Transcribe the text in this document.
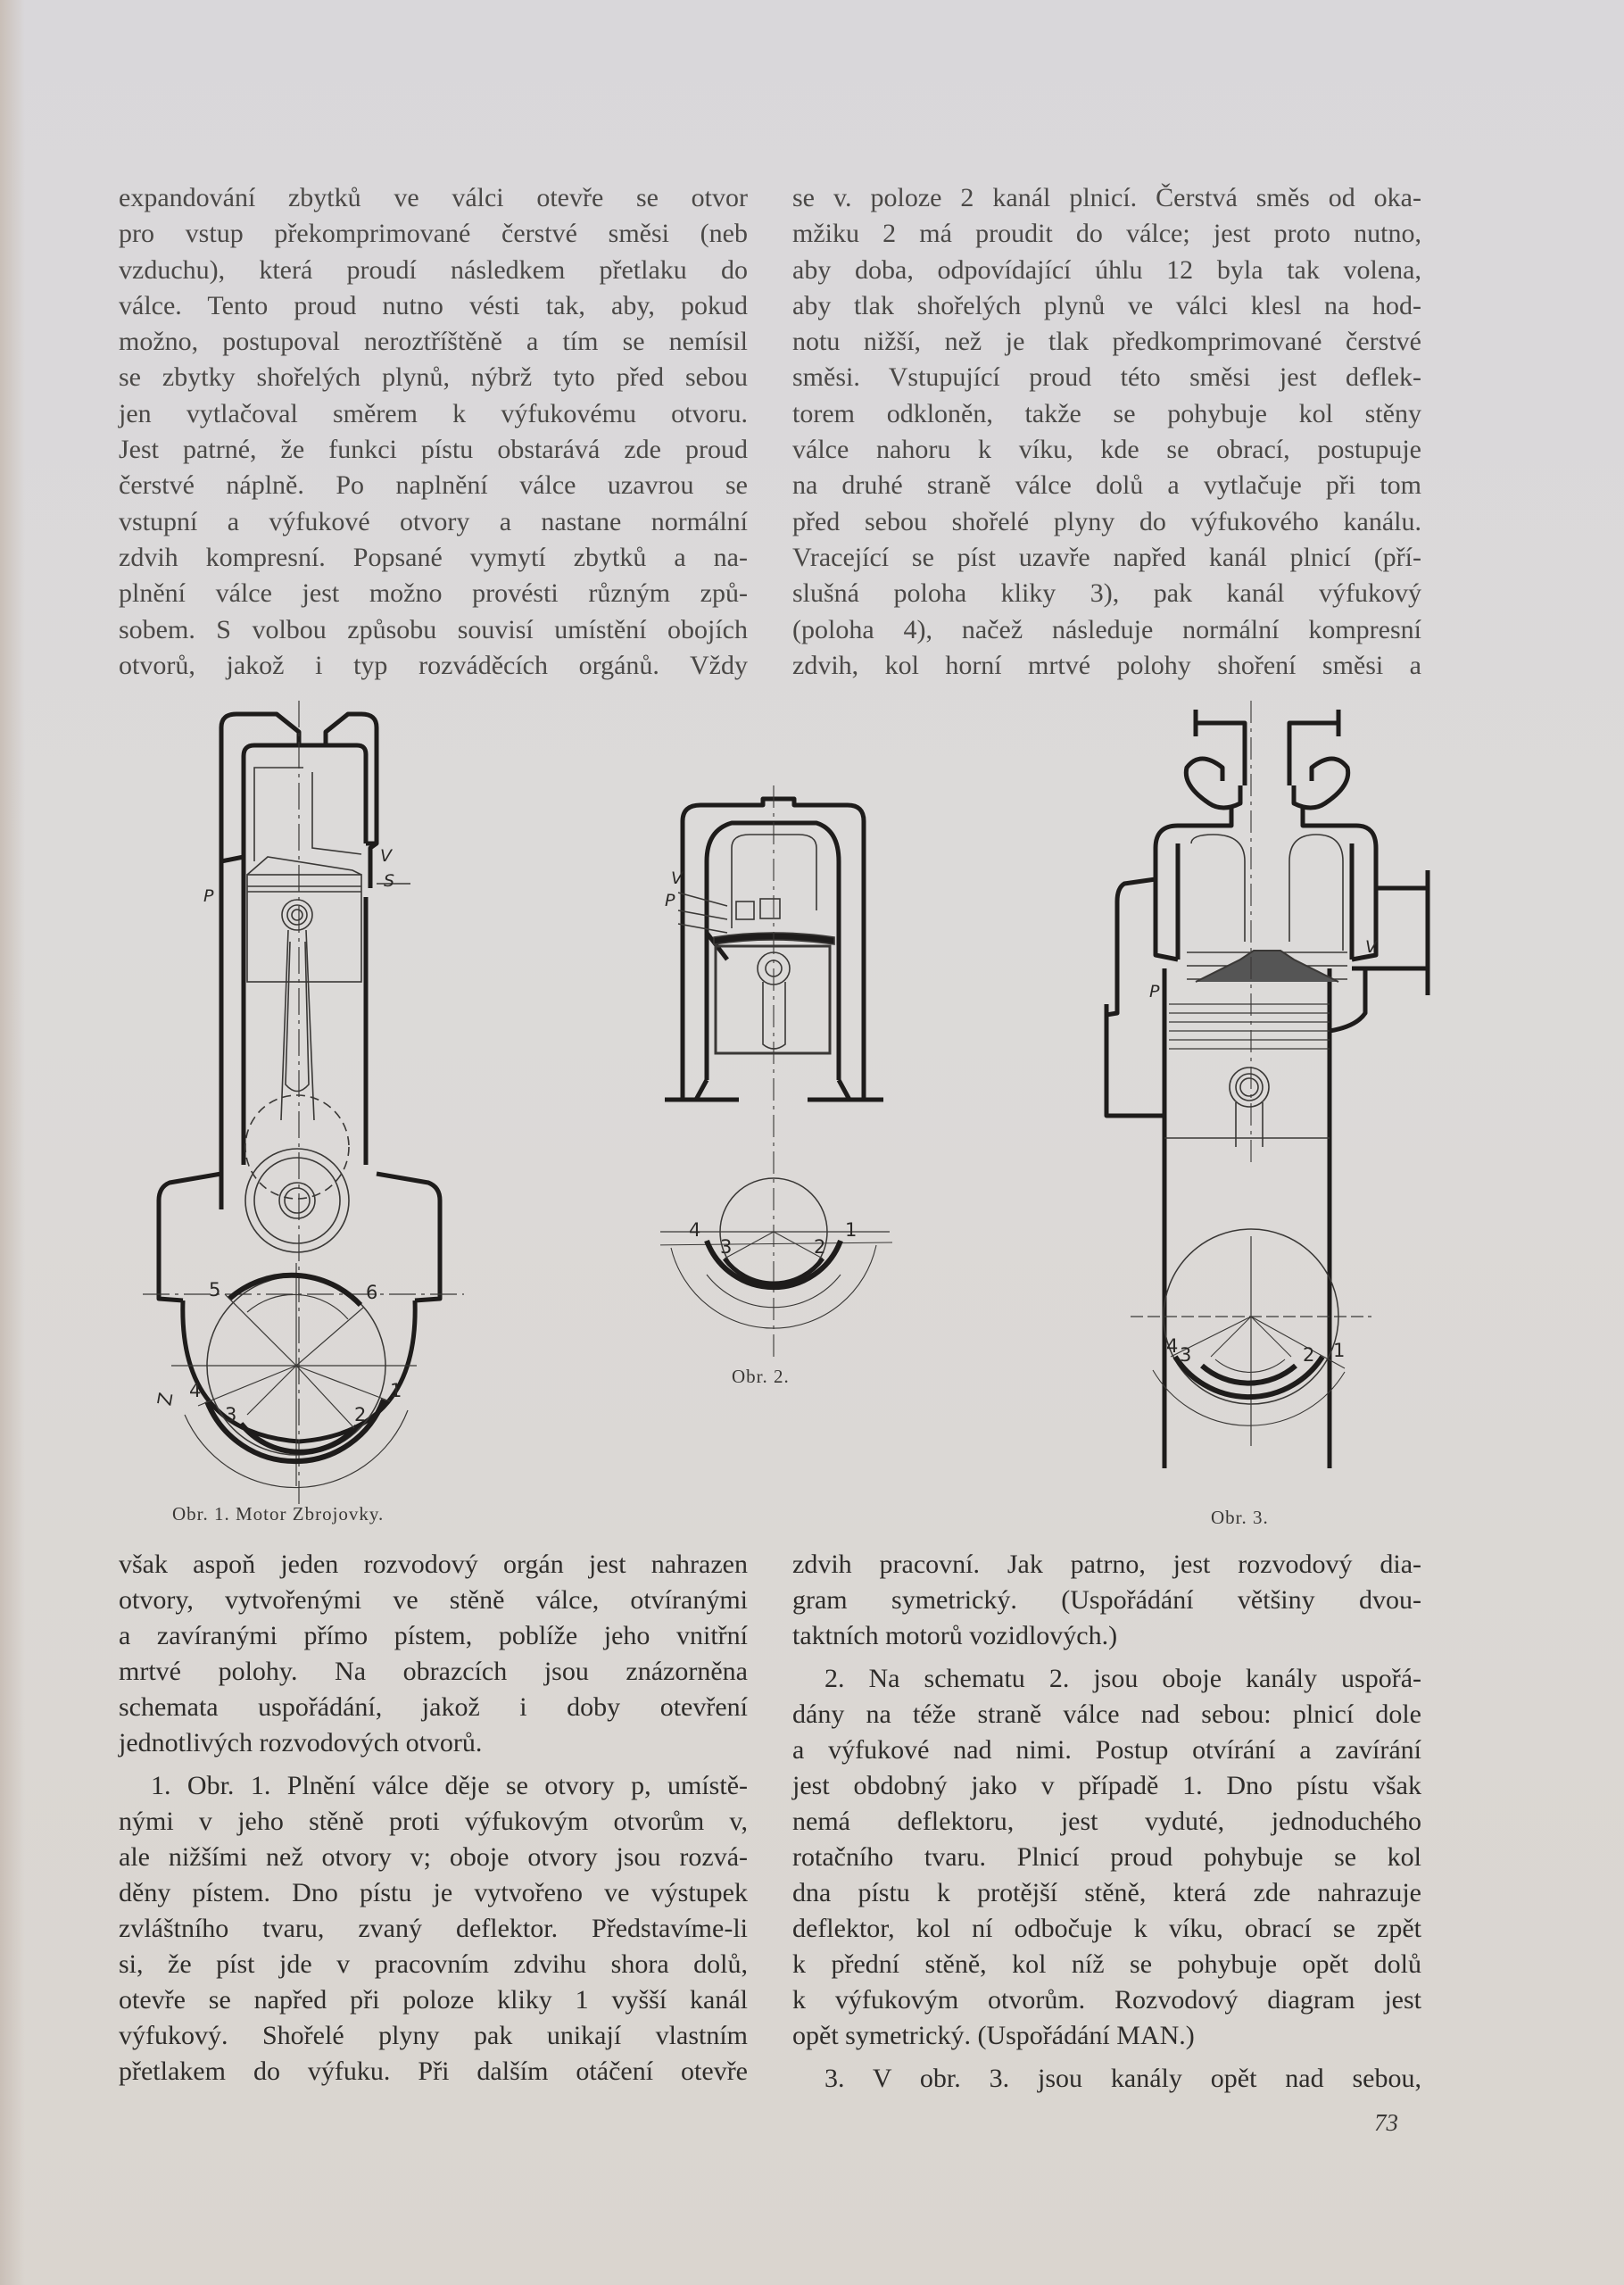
expandování zbytků ve válci otevře se otvor
pro vstup překomprimované čerstvé směsi (neb
vzduchu), která proudí následkem přetlaku do
válce. Tento proud nutno vésti tak, aby, pokud
možno, postupoval neroztříštěně a tím se nemísil
se zbytky shořelých plynů, nýbrž tyto před sebou
jen vytlačoval směrem k výfukovému otvoru.
Jest patrné, že funkci pístu obstarává zde proud
čerstvé náplně. Po naplnění válce uzavrou se
vstupní a výfukové otvory a nastane normální
zdvih kompresní. Popsané vymytí zbytků a na-
plnění válce jest možno provésti různým způ-
sobem. S volbou způsobu souvisí umístění obojích
otvorů, jakož i typ rozváděcích orgánů. Vždy
se v. poloze 2 kanál plnicí. Čerstvá směs od oka-
mžiku 2 má proudit do válce; jest proto nutno,
aby doba, odpovídající úhlu 12 byla tak volena,
aby tlak shořelých plynů ve válci klesl na hod-
notu nižší, než je tlak předkomprimované čerstvé
směsi. Vstupující proud této směsi jest deflek-
torem odkloněn, takže se pohybuje kol stěny
válce nahoru k víku, kde se obrací, postupuje
na druhé straně válce dolů a vytlačuje při tom
před sebou shořelé plyny do výfukového kanálu.
Vracející se píst uzavře napřed kanál plnicí (pří-
slušná poloha kliky 3), pak kanál výfukový
(poloha 4), načež následuje normální kompresní
zdvih, kol horní mrtvé polohy shoření směsi a
P
V
S
5	6
4	1
3	2
Z
Obr. 1. Motor Zbrojovky.
V
P
4	1
3	2
Obr. 2.
P
V
4 3	2 1
Obr. 3.
však aspoň jeden rozvodový orgán jest nahrazen
otvory, vytvořenými ve stěně válce, otvíranými
a zavíranými přímo pístem, poblíže jeho vnitřní
mrtvé polohy. Na obrazcích jsou znázorněna
schemata uspořádání, jakož i doby otevření
jednotlivých rozvodových otvorů.
1. Obr. 1. Plnění válce děje se otvory p, umístě-
nými v jeho stěně proti výfukovým otvorům v,
ale nižšími než otvory v; oboje otvory jsou rozvá-
děny pístem. Dno pístu je vytvořeno ve výstupek
zvláštního tvaru, zvaný deflektor. Představíme-li
si, že píst jde v pracovním zdvihu shora dolů,
otevře se napřed při poloze kliky 1 vyšší kanál
výfukový. Shořelé plyny pak unikají vlastním
přetlakem do výfuku. Při dalším otáčení otevře
zdvih pracovní. Jak patrno, jest rozvodový dia-
gram symetrický. (Uspořádání většiny dvou-
taktních motorů vozidlových.)
2. Na schematu 2. jsou oboje kanály uspořá-
dány na téže straně válce nad sebou: plnicí dole
a výfukové nad nimi. Postup otvírání a zavírání
jest obdobný jako v případě 1. Dno pístu však
nemá deflektoru, jest vyduté, jednoduchého
rotačního tvaru. Plnicí proud pohybuje se kol
dna pístu k protější stěně, která zde nahrazuje
deflektor, kol ní odbočuje k víku, obrací se zpět
k přední stěně, kol níž se pohybuje opět dolů
k výfukovým otvorům. Rozvodový diagram jest
opět symetrický. (Uspořádání MAN.)
3. V obr. 3. jsou kanály opět nad sebou,
73
